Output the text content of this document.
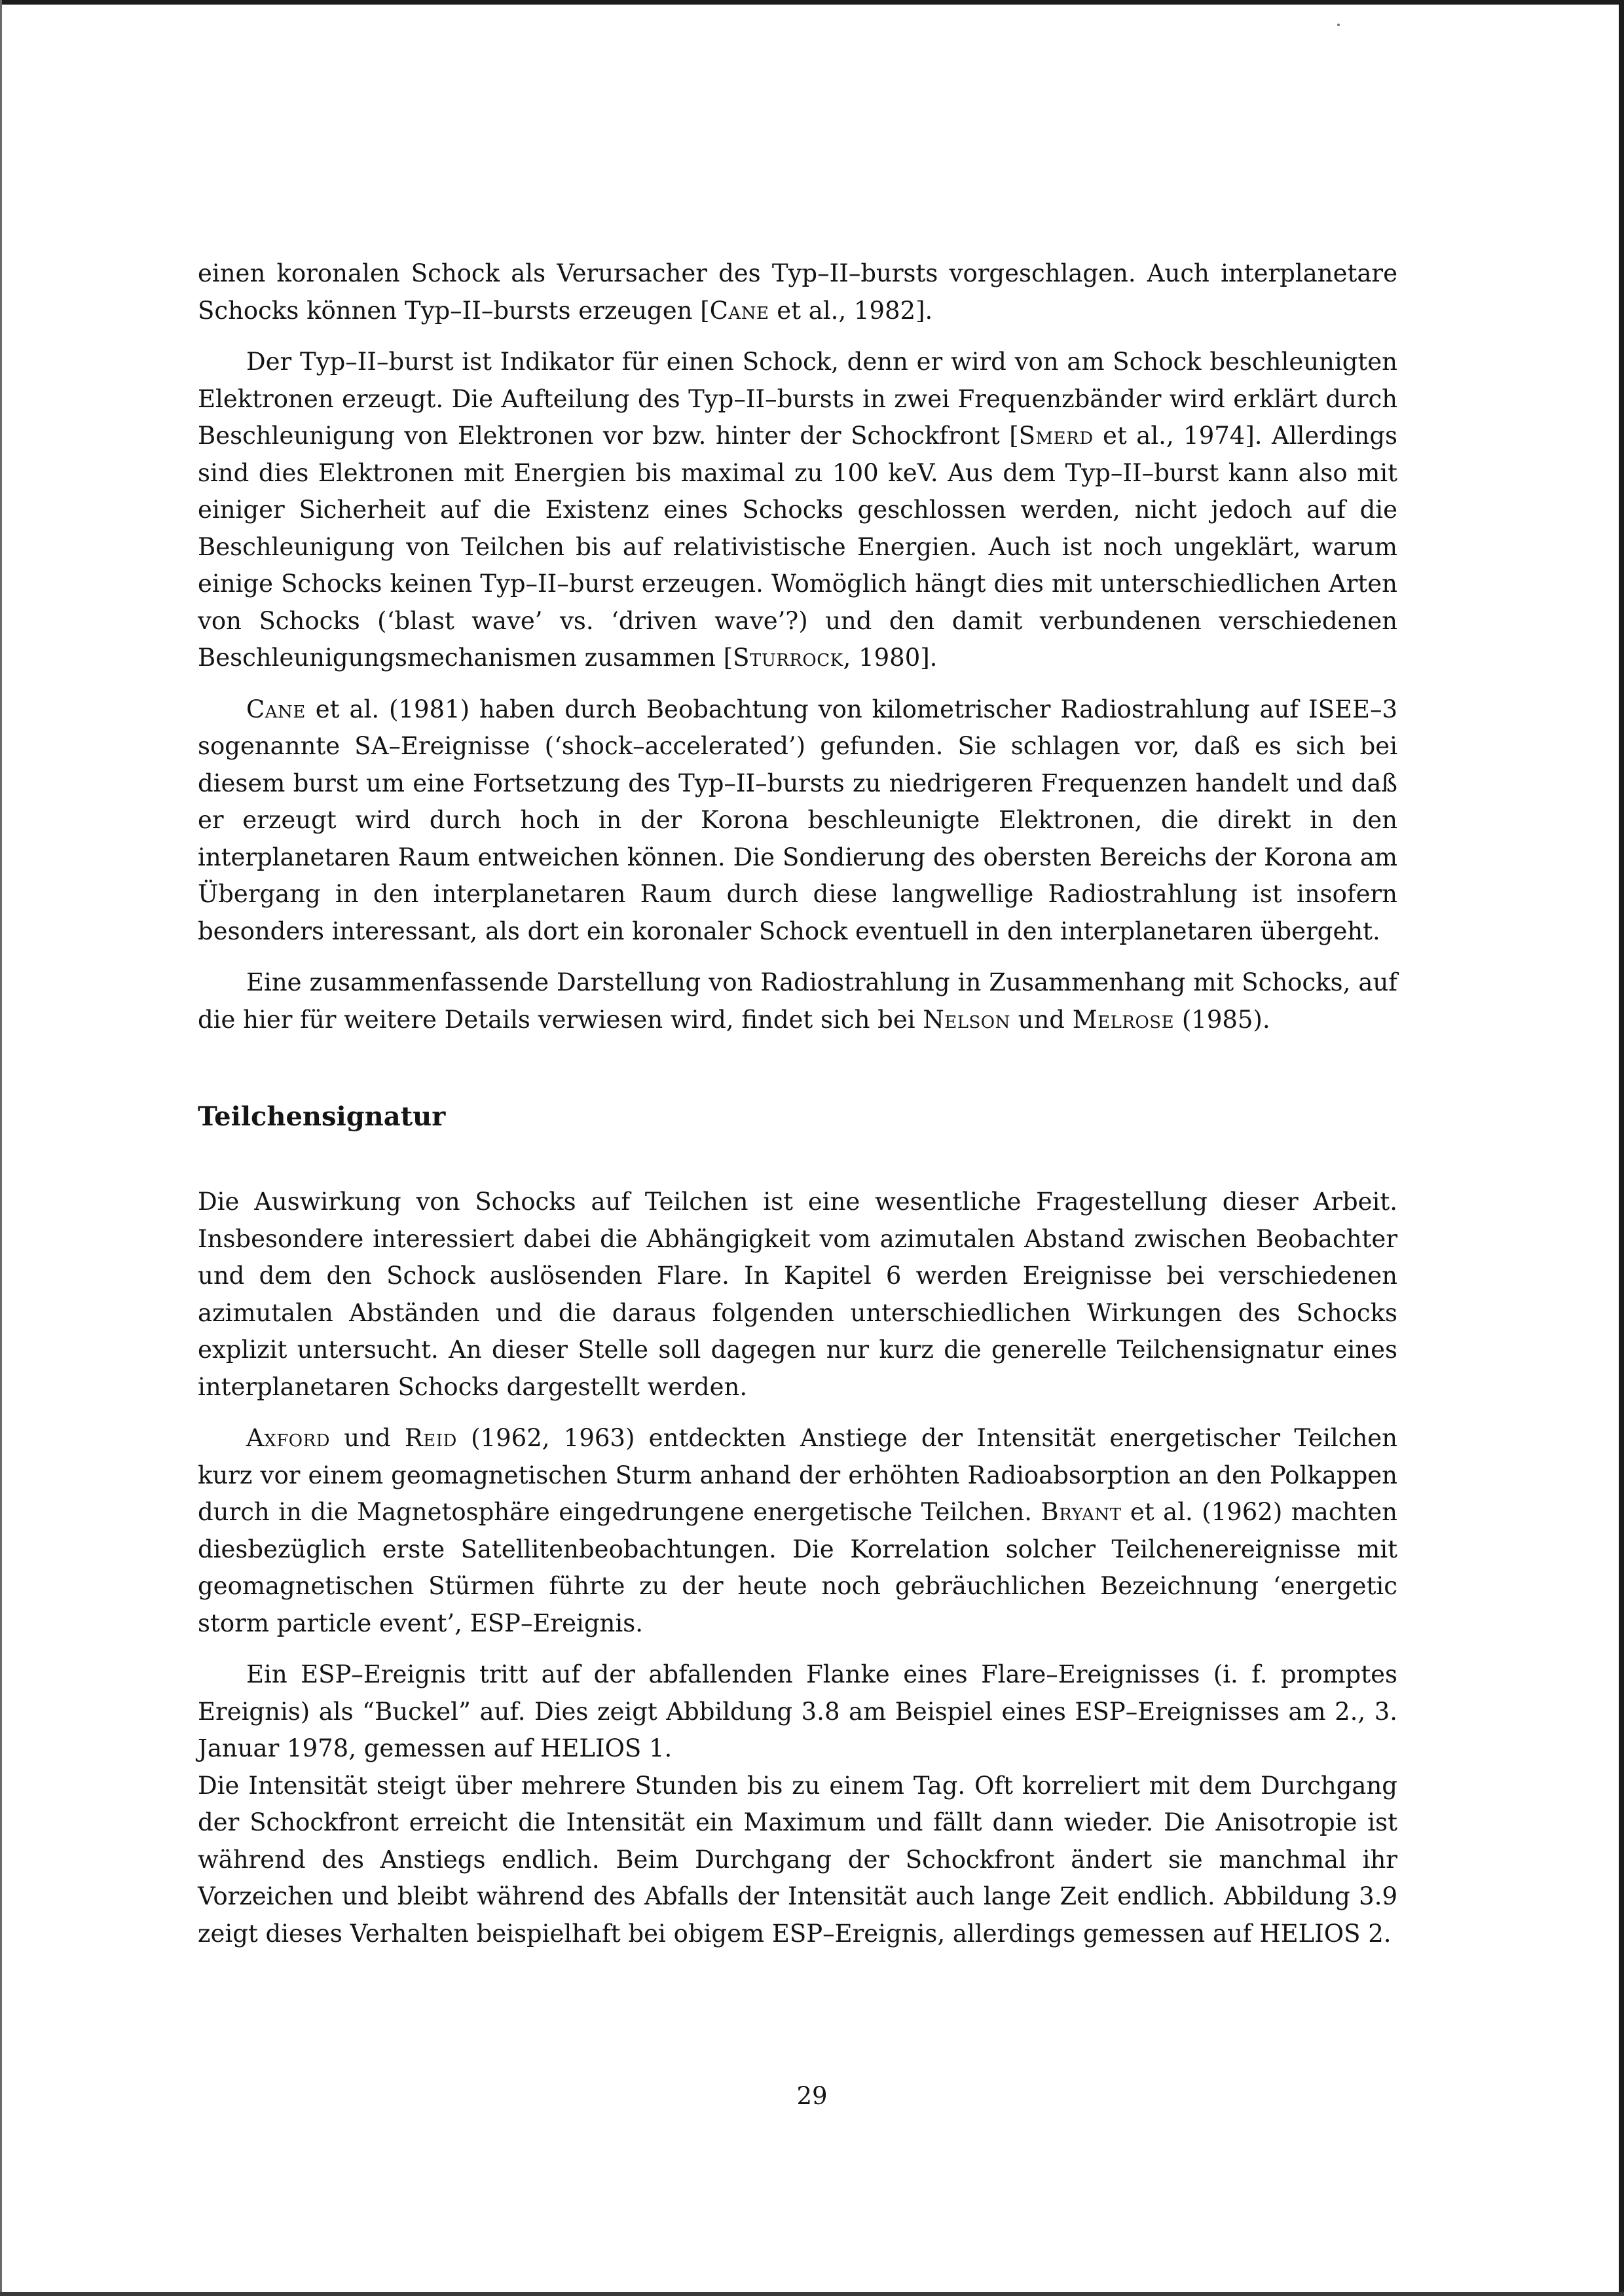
einen koronalen Schock als Verursacher des Typ–II–bursts vorgeschlagen. Auch interplanetare Schocks können Typ–II–bursts erzeugen [Cane et al., 1982].

Der Typ–II–burst ist Indikator für einen Schock, denn er wird von am Schock beschleunigten Elektronen erzeugt. Die Aufteilung des Typ–II–bursts in zwei Frequenzbänder wird erklärt durch Beschleunigung von Elektronen vor bzw. hinter der Schockfront [Smerd et al., 1974]. Allerdings sind dies Elektronen mit Energien bis maximal zu 100 keV. Aus dem Typ–II–burst kann also mit einiger Sicherheit auf die Existenz eines Schocks geschlossen werden, nicht jedoch auf die Beschleunigung von Teilchen bis auf relativistische Energien. Auch ist noch ungeklärt, warum einige Schocks keinen Typ–II–burst erzeugen. Womöglich hängt dies mit unterschiedlichen Arten von Schocks (‘blast wave’ vs. ‘driven wave’?) und den damit verbundenen verschiedenen Beschleunigungsmechanismen zusammen [Sturrock, 1980].

Cane et al. (1981) haben durch Beobachtung von kilometrischer Radiostrahlung auf ISEE–3 sogenannte SA–Ereignisse (‘shock–accelerated’) gefunden. Sie schlagen vor, daß es sich bei diesem burst um eine Fortsetzung des Typ–II–bursts zu niedrigeren Frequenzen handelt und daß er erzeugt wird durch hoch in der Korona beschleunigte Elektronen, die direkt in den interplanetaren Raum entweichen können. Die Sondierung des obersten Bereichs der Korona am Übergang in den interplanetaren Raum durch diese langwellige Radiostrahlung ist insofern besonders interessant, als dort ein koronaler Schock eventuell in den interplanetaren übergeht.

Eine zusammenfassende Darstellung von Radiostrahlung in Zusammenhang mit Schocks, auf die hier für weitere Details verwiesen wird, findet sich bei Nelson und Melrose (1985).

Teilchensignatur

Die Auswirkung von Schocks auf Teilchen ist eine wesentliche Fragestellung dieser Arbeit. Insbesondere interessiert dabei die Abhängigkeit vom azimutalen Abstand zwischen Beobachter und dem den Schock auslösenden Flare. In Kapitel 6 werden Ereignisse bei verschiedenen azimutalen Abständen und die daraus folgenden unterschiedlichen Wirkungen des Schocks explizit untersucht. An dieser Stelle soll dagegen nur kurz die generelle Teilchensignatur eines interplanetaren Schocks dargestellt werden.

Axford und Reid (1962, 1963) entdeckten Anstiege der Intensität energetischer Teilchen kurz vor einem geomagnetischen Sturm anhand der erhöhten Radioabsorption an den Polkappen durch in die Magnetosphäre eingedrungene energetische Teilchen. Bryant et al. (1962) machten diesbezüglich erste Satellitenbeobachtungen. Die Korrelation solcher Teilchenereignisse mit geomagnetischen Stürmen führte zu der heute noch gebräuchlichen Bezeichnung ‘energetic storm particle event’, ESP–Ereignis.

Ein ESP–Ereignis tritt auf der abfallenden Flanke eines Flare–Ereignisses (i. f. promptes Ereignis) als “Buckel” auf. Dies zeigt Abbildung 3.8 am Beispiel eines ESP–Ereignisses am 2., 3. Januar 1978, gemessen auf HELIOS 1.

Die Intensität steigt über mehrere Stunden bis zu einem Tag. Oft korreliert mit dem Durchgang der Schockfront erreicht die Intensität ein Maximum und fällt dann wieder. Die Anisotropie ist während des Anstiegs endlich. Beim Durchgang der Schockfront ändert sie manchmal ihr Vorzeichen und bleibt während des Abfalls der Intensität auch lange Zeit endlich. Abbildung 3.9 zeigt dieses Verhalten beispielhaft bei obigem ESP–Ereignis, allerdings gemessen auf HELIOS 2.

29
